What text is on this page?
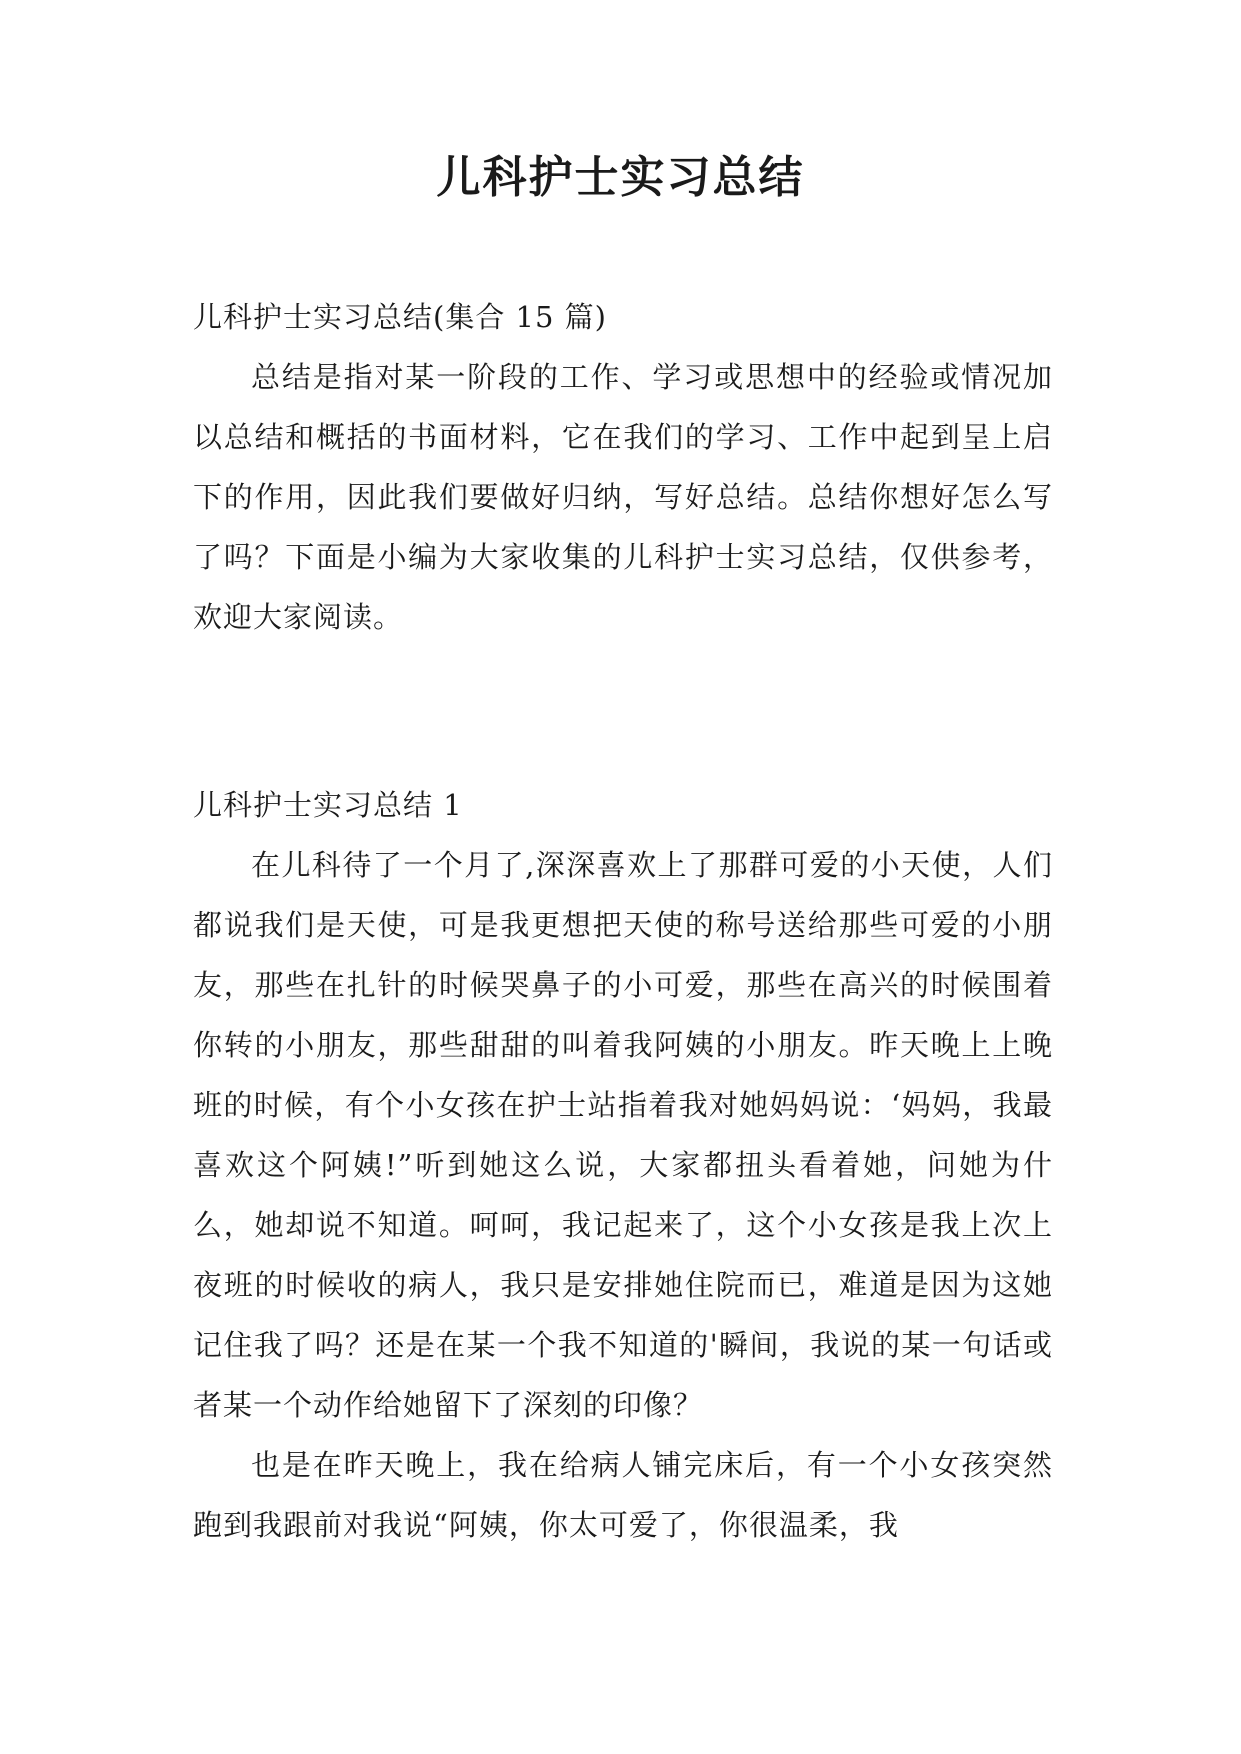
儿科护士实习总结

儿科护士实习总结(集合 15 篇)

总结是指对某一阶段的工作、学习或思想中的经验或情况加以总结和概括的书面材料，它在我们的学习、工作中起到呈上启下的作用，因此我们要做好归纳，写好总结。总结你想好怎么写了吗？下面是小编为大家收集的儿科护士实习总结，仅供参考，欢迎大家阅读。

儿科护士实习总结 1

在儿科待了一个月了,深深喜欢上了那群可爱的小天使，人们都说我们是天使，可是我更想把天使的称号送给那些可爱的小朋友，那些在扎针的时候哭鼻子的小可爱，那些在高兴的时候围着你转的小朋友，那些甜甜的叫着我阿姨的小朋友。昨天晚上上晚班的时候，有个小女孩在护士站指着我对她妈妈说：‘妈妈，我最喜欢这个阿姨!”听到她这么说，大家都扭头看着她，问她为什么，她却说不知道。呵呵，我记起来了，这个小女孩是我上次上夜班的时候收的病人，我只是安排她住院而已，难道是因为这她记住我了吗？还是在某一个我不知道的'瞬间，我说的某一句话或者某一个动作给她留下了深刻的印像？

也是在昨天晚上，我在给病人铺完床后，有一个小女孩突然跑到我跟前对我说“阿姨，你太可爱了，你很温柔，我
